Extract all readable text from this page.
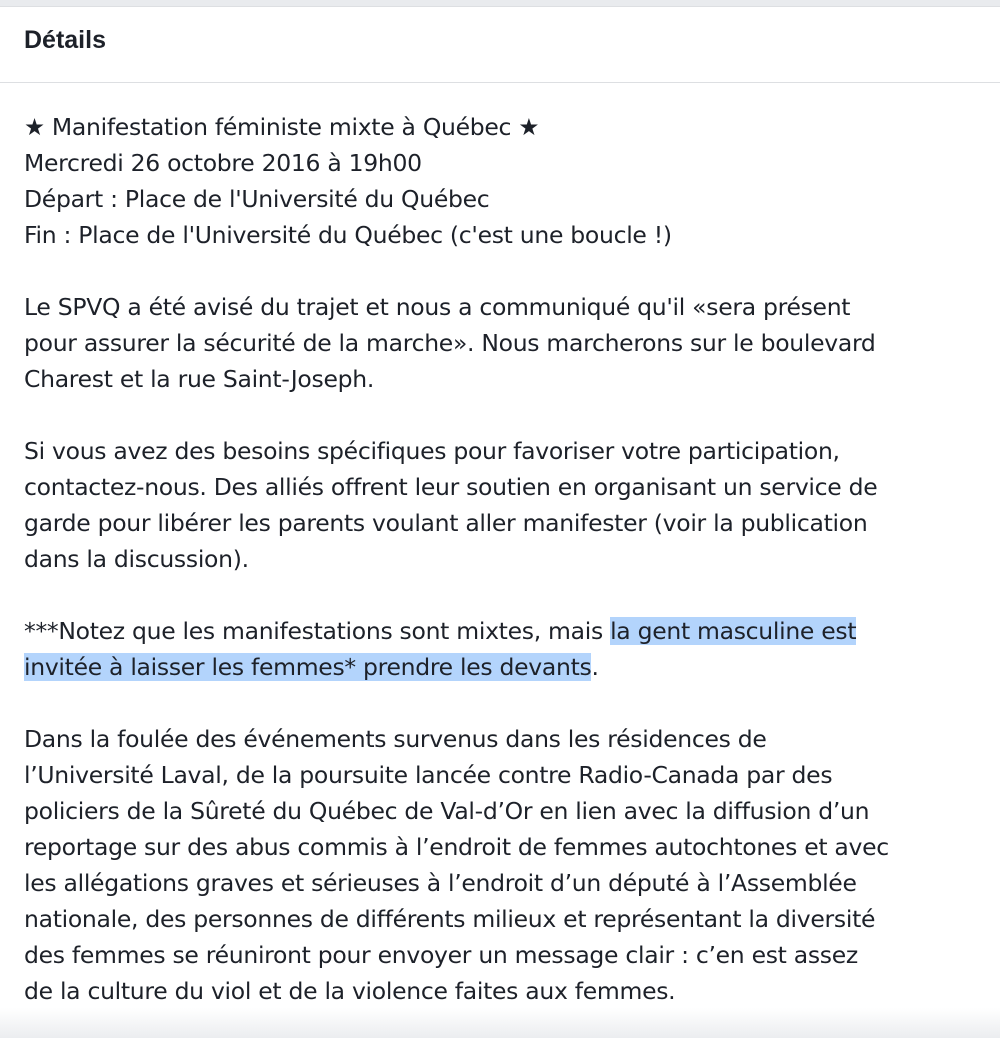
Détails
★ Manifestation féministe mixte à Québec ★
Mercredi 26 octobre 2016 à 19h00
Départ : Place de l'Université du Québec
Fin : Place de l'Université du Québec (c'est une boucle !)
Le SPVQ a été avisé du trajet et nous a communiqué qu'il «sera présent
pour assurer la sécurité de la marche». Nous marcherons sur le boulevard
Charest et la rue Saint-Joseph.
Si vous avez des besoins spécifiques pour favoriser votre participation,
contactez-nous. Des alliés offrent leur soutien en organisant un service de
garde pour libérer les parents voulant aller manifester (voir la publication
dans la discussion).
***Notez que les manifestations sont mixtes, mais la gent masculine est
invitée à laisser les femmes* prendre les devants.
Dans la foulée des événements survenus dans les résidences de
l’Université Laval, de la poursuite lancée contre Radio-Canada par des
policiers de la Sûreté du Québec de Val-d’Or en lien avec la diffusion d’un
reportage sur des abus commis à l’endroit de femmes autochtones et avec
les allégations graves et sérieuses à l’endroit d’un député à l’Assemblée
nationale, des personnes de différents milieux et représentant la diversité
des femmes se réuniront pour envoyer un message clair : c’en est assez
de la culture du viol et de la violence faites aux femmes.
